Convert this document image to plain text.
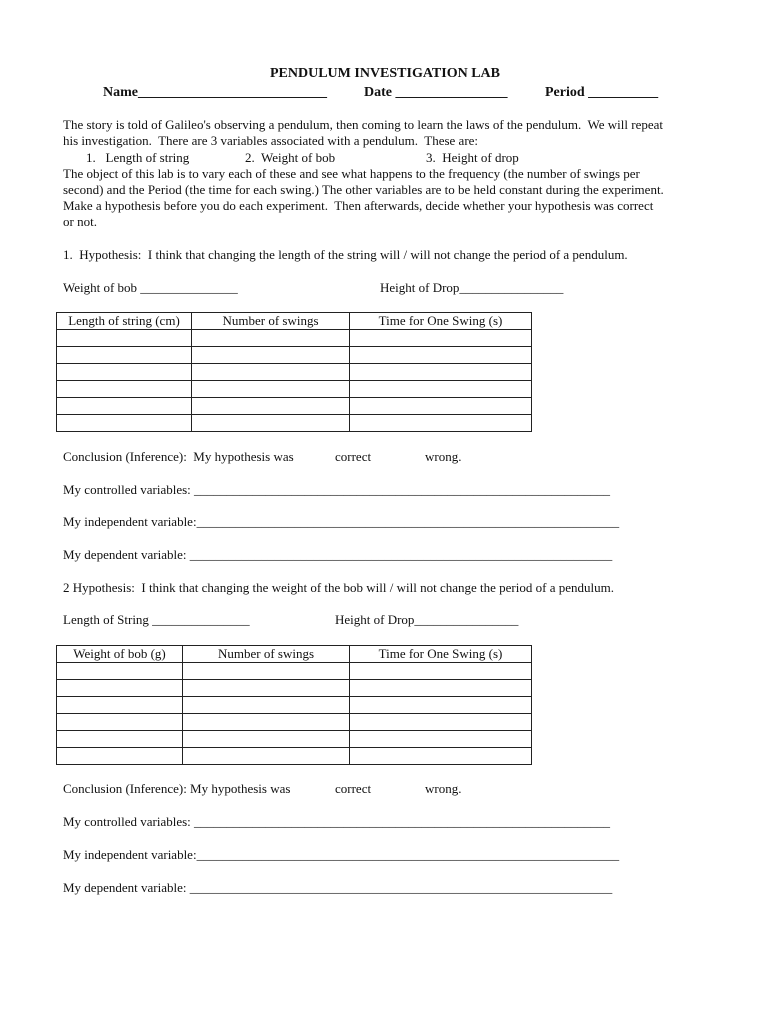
PENDULUM INVESTIGATION LAB
Name___________________________	Date ________________	Period __________
The story is told of Galileo's observing a pendulum, then coming to learn the laws of the pendulum.  We will repeat
his investigation.  There are 3 variables associated with a pendulum.  These are:
1.   Length of string	2.  Weight of bob	3.  Height of drop
The object of this lab is to vary each of these and see what happens to the frequency (the number of swings per
second) and the Period (the time for each swing.) The other variables are to be held constant during the experiment.
Make a hypothesis before you do each experiment.  Then afterwards, decide whether your hypothesis was correct
or not.
1.  Hypothesis:  I think that changing the length of the string will / will not change the period of a pendulum.
Weight of bob _______________	Height of Drop________________
Length of string (cm)	Number of swings	Time for One Swing (s)

Conclusion (Inference):  My hypothesis was	correct	wrong.
My controlled variables: ________________________________________________________________
My independent variable:_________________________________________________________________
My dependent variable: _________________________________________________________________
2 Hypothesis:  I think that changing the weight of the bob will / will not change the period of a pendulum.
Length of String _______________	Height of Drop________________
Weight of bob (g)	Number of swings	Time for One Swing (s)

Conclusion (Inference): My hypothesis was	correct	wrong.
My controlled variables: ________________________________________________________________
My independent variable:_________________________________________________________________
My dependent variable: _________________________________________________________________
